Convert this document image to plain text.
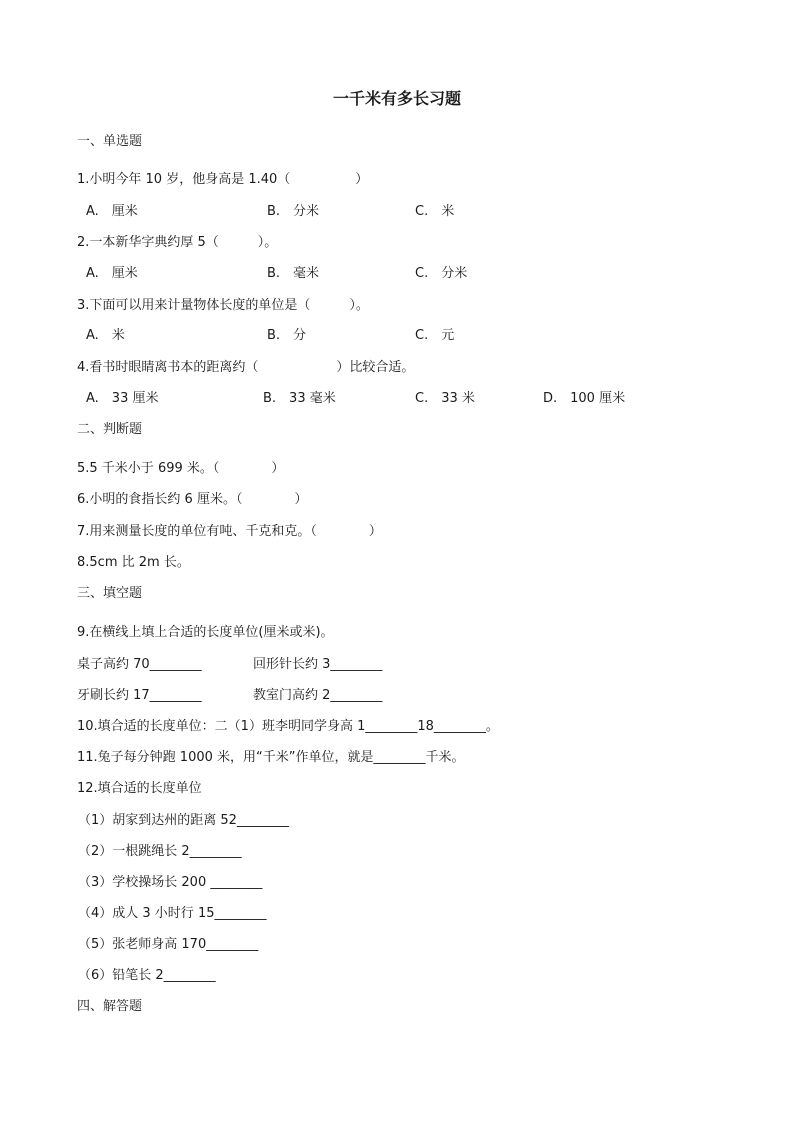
一千米有多长习题
一、单选题
1.小明今年 10 岁，他身高是 1.40（　　　　　）
A.　厘米	B.　分米	C.　米
2.一本新华字典约厚 5（　　　）。
A.　厘米	B.　毫米	C.　分米
3.下面可以用来计量物体长度的单位是（　　　）。
A.　米	B.　分	C.　元
4.看书时眼睛离书本的距离约（　　　　　　）比较合适。
A.　33 厘米	B.　33 毫米	C.　33 米	D.　100 厘米
二、判断题
5.5 千米小于 699 米。（　　　　）
6.小明的食指长约 6 厘米。（　　　　）
7.用来测量长度的单位有吨、千克和克。（　　　　）
8.5cm 比 2m 长。
三、填空题
9.在横线上填上合适的长度单位(厘米或米)。
桌子高约 70________	回形针长约 3________
牙刷长约 17________	教室门高约 2________
10.填合适的长度单位：二（1）班李明同学身高 1________18________。
11.兔子每分钟跑 1000 米，用“千米”作单位，就是________千米。
12.填合适的长度单位
（1）胡家到达州的距离 52________
（2）一根跳绳长 2________
（3）学校操场长 200 ________
（4）成人 3 小时行 15________
（5）张老师身高 170________
（6）铅笔长 2________
四、解答题
